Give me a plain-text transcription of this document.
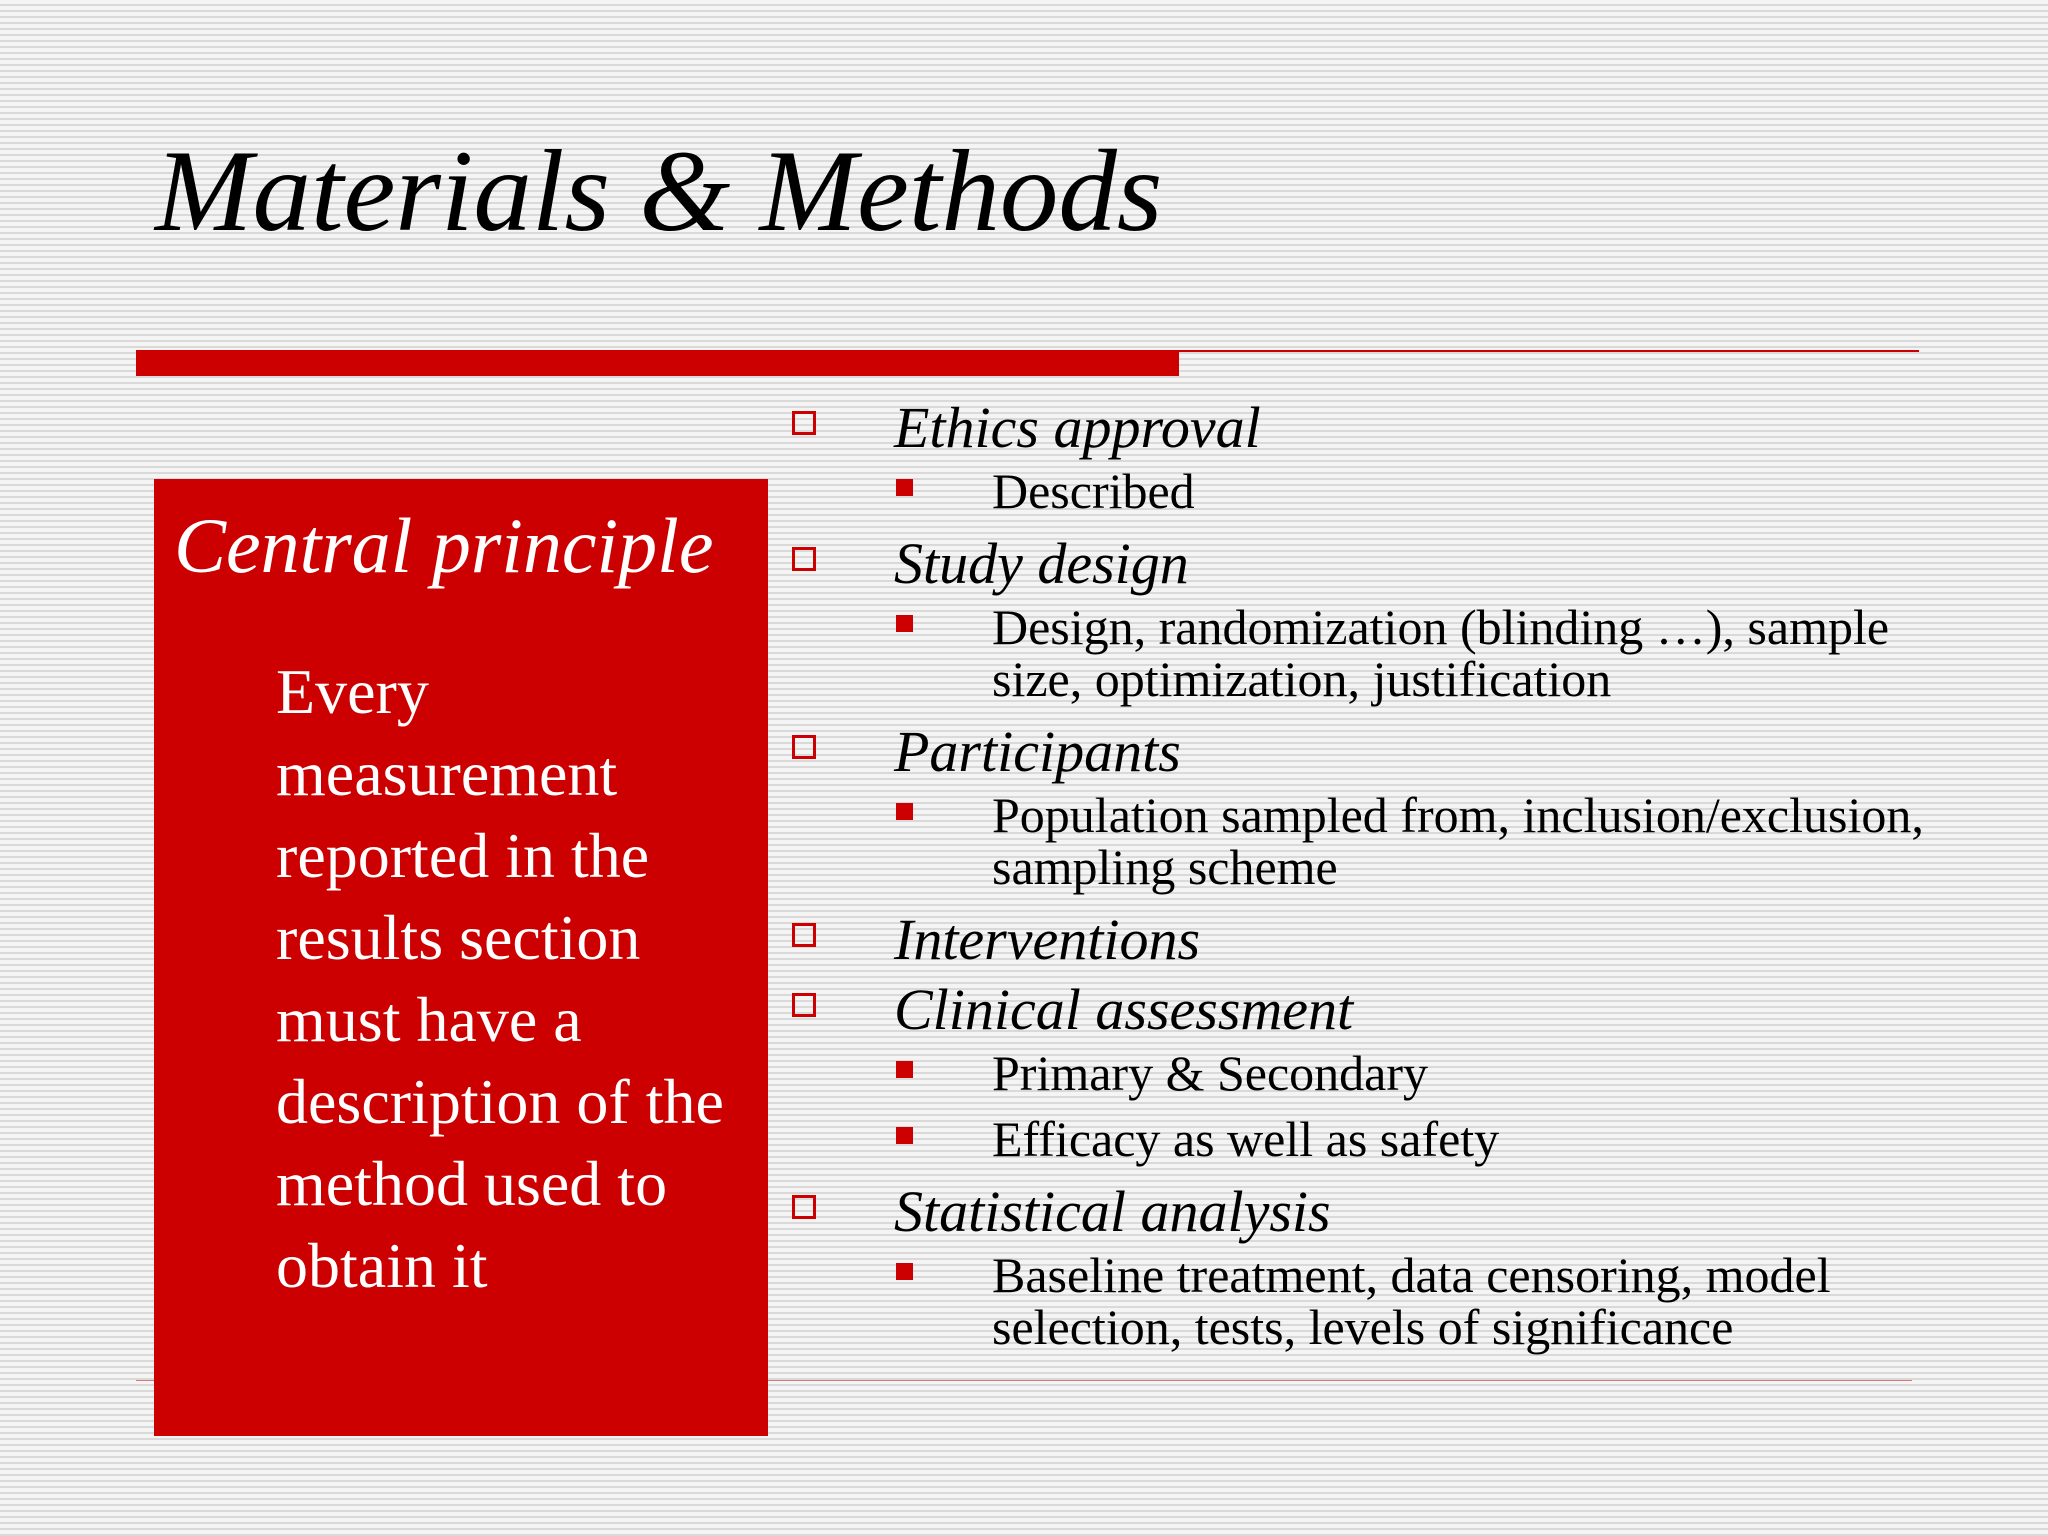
Materials & Methods
Central principle

Every measurement reported in the results section must have a description of the method used to obtain it

Ethics approval
Described
Study design
Design, randomization (blinding …), sample size, optimization, justification
Participants
Population sampled from, inclusion/exclusion, sampling scheme
Interventions
Clinical assessment
Primary & Secondary
Efficacy as well as safety
Statistical analysis
Baseline treatment, data censoring, model selection, tests, levels of significance
